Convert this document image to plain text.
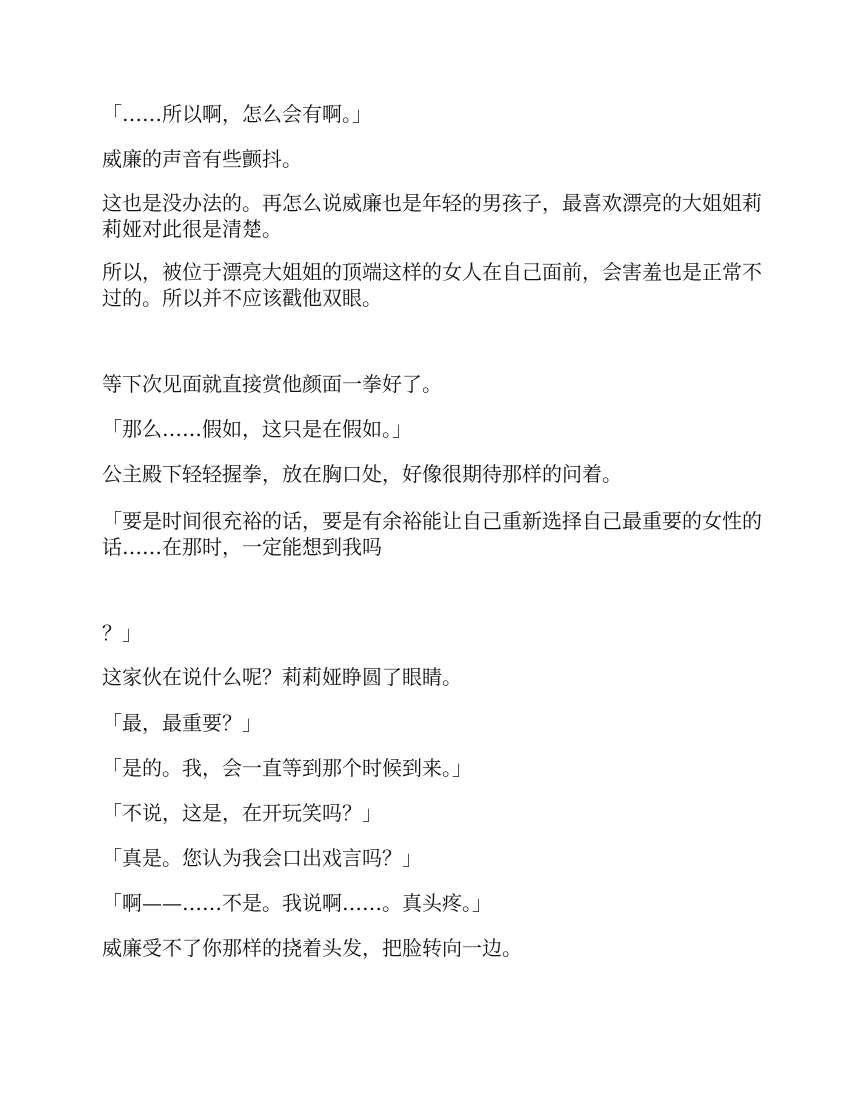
「……所以啊，怎么会有啊。」

威廉的声音有些颤抖。

这也是没办法的。再怎么说威廉也是年轻的男孩子，最喜欢漂亮的大姐姐莉莉娅对此很是清楚。

所以，被位于漂亮大姐姐的顶端这样的女人在自己面前，会害羞也是正常不过的。所以并不应该戳他双眼。

等下次见面就直接赏他颜面一拳好了。

「那么……假如，这只是在假如。」

公主殿下轻轻握拳，放在胸口处，好像很期待那样的问着。

「要是时间很充裕的话，要是有余裕能让自己重新选择自己最重要的女性的话……在那时，一定能想到我吗

？」

这家伙在说什么呢？莉莉娅睁圆了眼睛。

「最，最重要？」

「是的。我，会一直等到那个时候到来。」

「不说，这是，在开玩笑吗？」

「真是。您认为我会口出戏言吗？」

「啊——……不是。我说啊……。真头疼。」

威廉受不了你那样的挠着头发，把脸转向一边。
